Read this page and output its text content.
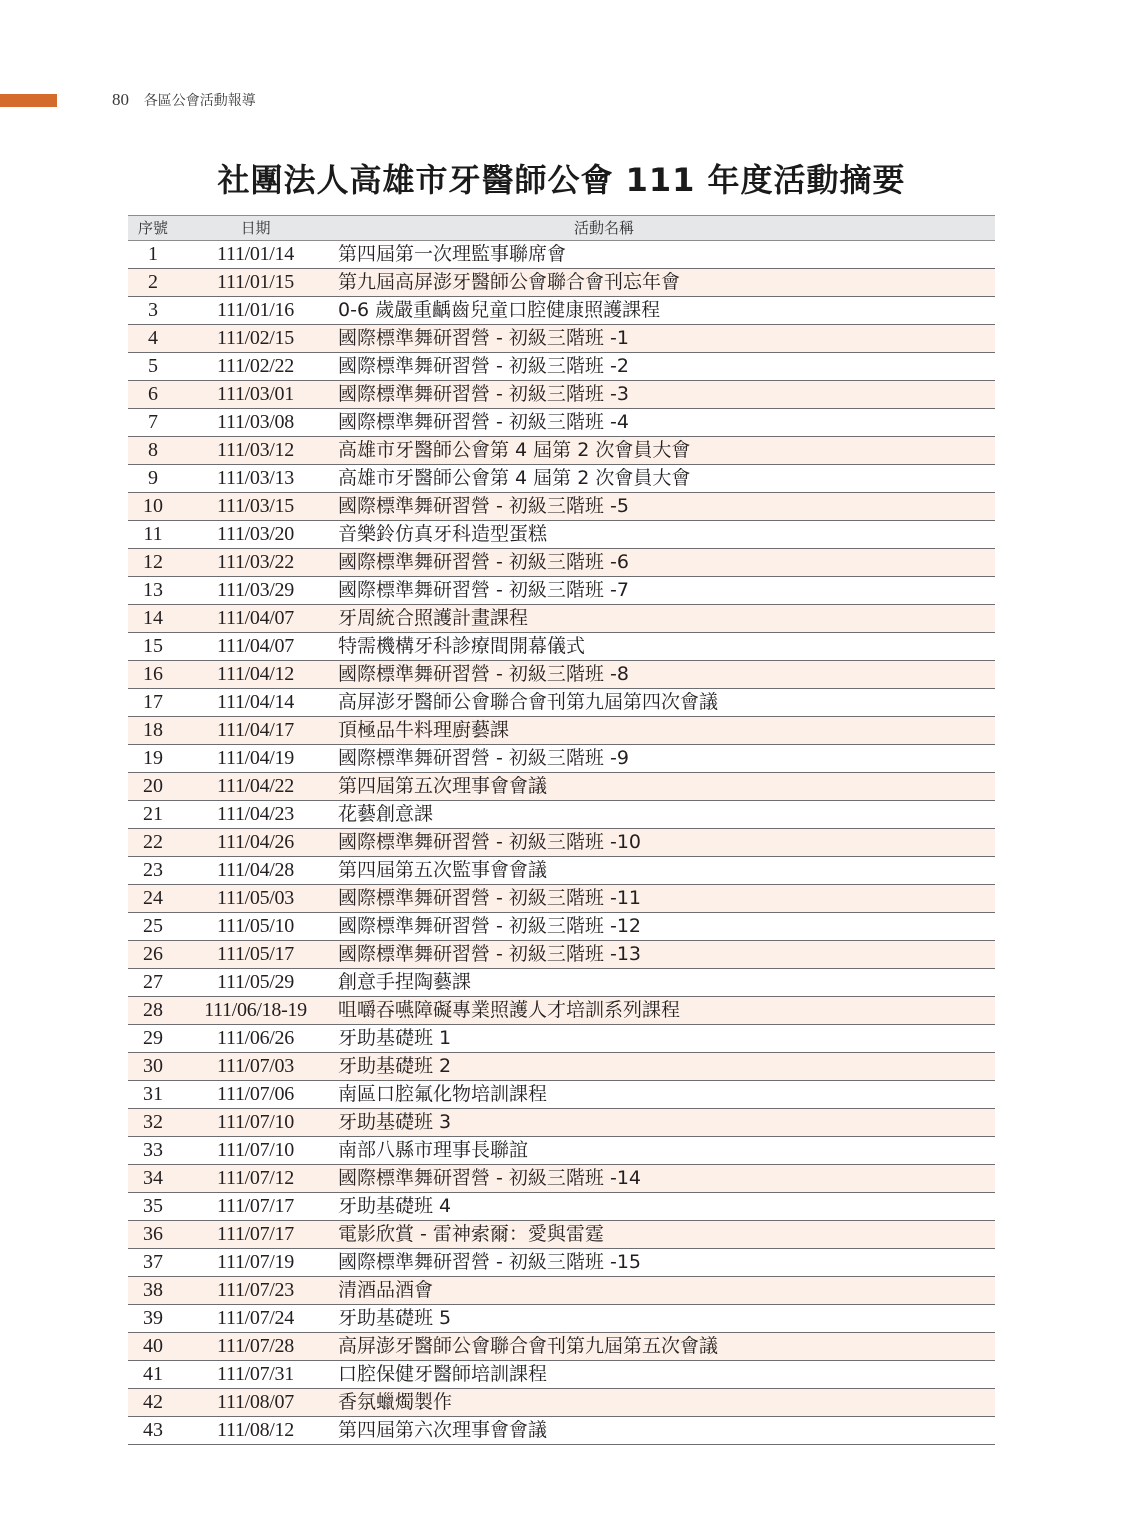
80 各區公會活動報導
社團法人高雄市牙醫師公會 111 年度活動摘要
序號	日期	活動名稱
1	111/01/14	第四屆第一次理監事聯席會
2	111/01/15	第九屆高屏澎牙醫師公會聯合會刊忘年會
3	111/01/16	0-6 歲嚴重齲齒兒童口腔健康照護課程
4	111/02/15	國際標準舞研習營 - 初級三階班 -1
5	111/02/22	國際標準舞研習營 - 初級三階班 -2
6	111/03/01	國際標準舞研習營 - 初級三階班 -3
7	111/03/08	國際標準舞研習營 - 初級三階班 -4
8	111/03/12	高雄市牙醫師公會第 4 屆第 2 次會員大會
9	111/03/13	高雄市牙醫師公會第 4 屆第 2 次會員大會
10	111/03/15	國際標準舞研習營 - 初級三階班 -5
11	111/03/20	音樂鈴仿真牙科造型蛋糕
12	111/03/22	國際標準舞研習營 - 初級三階班 -6
13	111/03/29	國際標準舞研習營 - 初級三階班 -7
14	111/04/07	牙周統合照護計畫課程
15	111/04/07	特需機構牙科診療間開幕儀式
16	111/04/12	國際標準舞研習營 - 初級三階班 -8
17	111/04/14	高屏澎牙醫師公會聯合會刊第九屆第四次會議
18	111/04/17	頂極品牛料理廚藝課
19	111/04/19	國際標準舞研習營 - 初級三階班 -9
20	111/04/22	第四屆第五次理事會會議
21	111/04/23	花藝創意課
22	111/04/26	國際標準舞研習營 - 初級三階班 -10
23	111/04/28	第四屆第五次監事會會議
24	111/05/03	國際標準舞研習營 - 初級三階班 -11
25	111/05/10	國際標準舞研習營 - 初級三階班 -12
26	111/05/17	國際標準舞研習營 - 初級三階班 -13
27	111/05/29	創意手捏陶藝課
28	111/06/18-19	咀嚼吞嚥障礙專業照護人才培訓系列課程
29	111/06/26	牙助基礎班 1
30	111/07/03	牙助基礎班 2
31	111/07/06	南區口腔氟化物培訓課程
32	111/07/10	牙助基礎班 3
33	111/07/10	南部八縣市理事長聯誼
34	111/07/12	國際標準舞研習營 - 初級三階班 -14
35	111/07/17	牙助基礎班 4
36	111/07/17	電影欣賞 - 雷神索爾：愛與雷霆
37	111/07/19	國際標準舞研習營 - 初級三階班 -15
38	111/07/23	清酒品酒會
39	111/07/24	牙助基礎班 5
40	111/07/28	高屏澎牙醫師公會聯合會刊第九屆第五次會議
41	111/07/31	口腔保健牙醫師培訓課程
42	111/08/07	香氛蠟燭製作
43	111/08/12	第四屆第六次理事會會議
